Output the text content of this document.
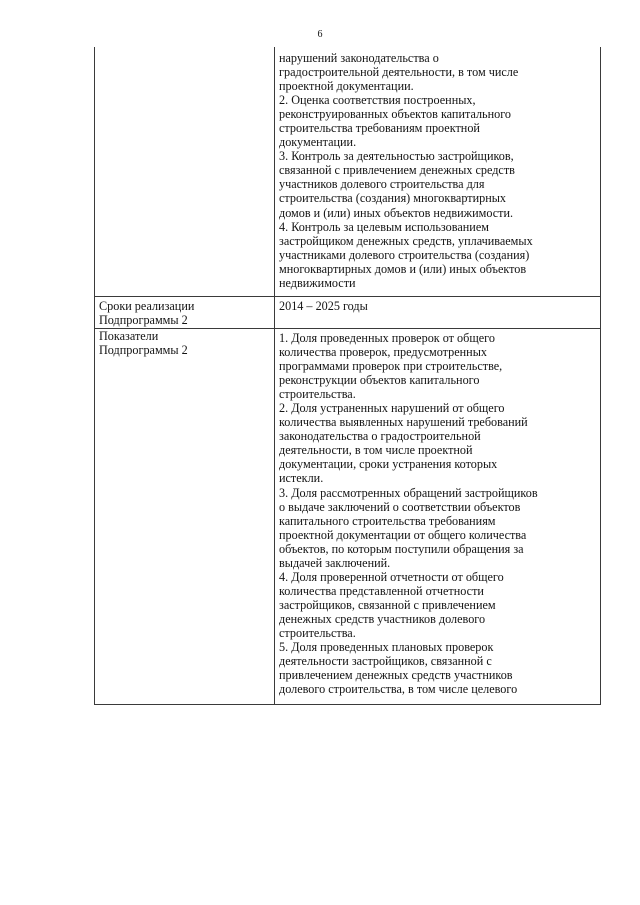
6
нарушений законодательства о
градостроительной деятельности, в том числе
проектной документации.
2. Оценка соответствия построенных,
реконструированных объектов капитального
строительства требованиям проектной
документации.
3. Контроль за деятельностью застройщиков,
связанной с привлечением денежных средств
участников долевого строительства для
строительства (создания) многоквартирных
домов и (или) иных объектов недвижимости.
4. Контроль за целевым использованием
застройщиком денежных средств, уплачиваемых
участниками долевого строительства (создания)
многоквартирных домов и (или) иных объектов
недвижимости
Сроки реализации
Подпрограммы 2
2014 – 2025 годы
Показатели
Подпрограммы 2
1. Доля проведенных проверок от общего
количества проверок, предусмотренных
программами проверок при строительстве,
реконструкции объектов капитального
строительства.
2. Доля устраненных нарушений от общего
количества выявленных нарушений требований
законодательства о градостроительной
деятельности, в том числе проектной
документации, сроки устранения которых
истекли.
3. Доля рассмотренных обращений застройщиков
о выдаче заключений о соответствии объектов
капитального строительства требованиям
проектной документации от общего количества
объектов, по которым поступили обращения за
выдачей заключений.
4. Доля проверенной отчетности от общего
количества представленной отчетности
застройщиков, связанной с привлечением
денежных средств участников долевого
строительства.
5. Доля проведенных плановых проверок
деятельности застройщиков, связанной с
привлечением денежных средств участников
долевого строительства, в том числе целевого
